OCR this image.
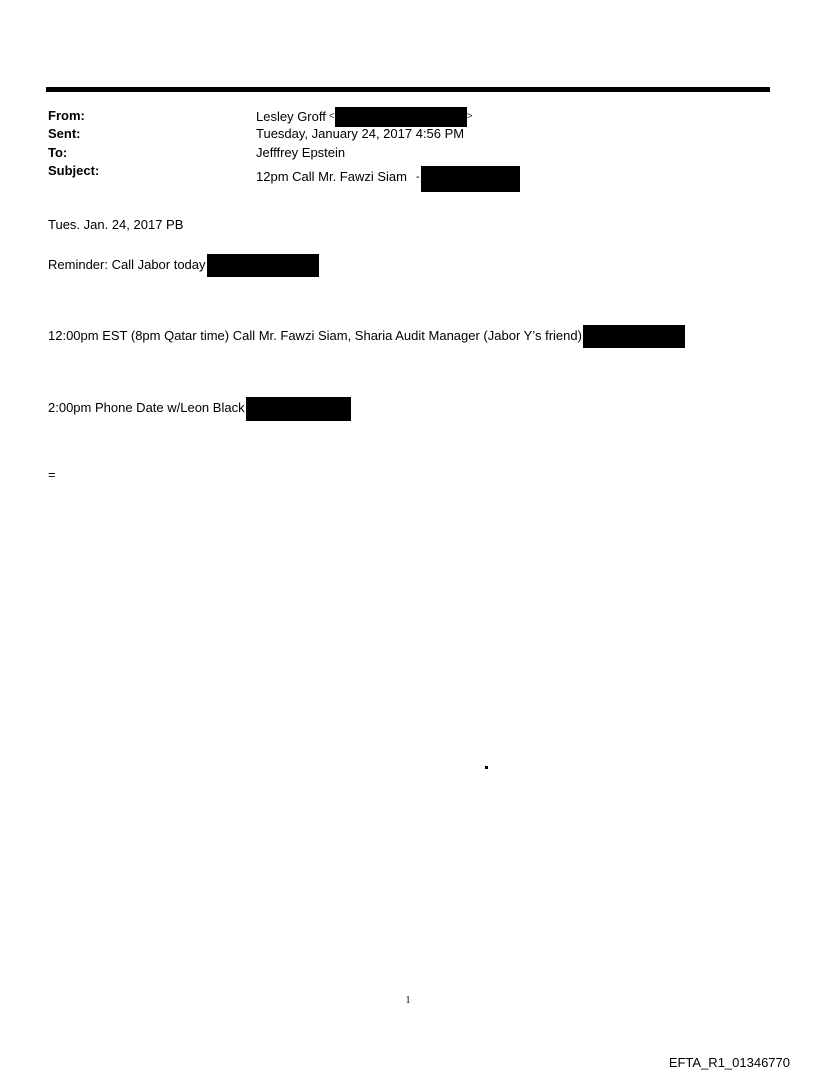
From:	Lesley Groff <	>
Sent:	Tuesday, January 24, 2017 4:56 PM
To:	Jefffrey Epstein
Subject:	12pm Call Mr. Fawzi Siam -
Tues. Jan. 24, 2017 PB
Reminder: Call Jabor today
12:00pm EST (8pm Qatar time) Call Mr. Fawzi Siam, Sharia Audit Manager (Jabor Y’s friend)
2:00pm Phone Date w/Leon Black
=
1
EFTA_R1_01346770
